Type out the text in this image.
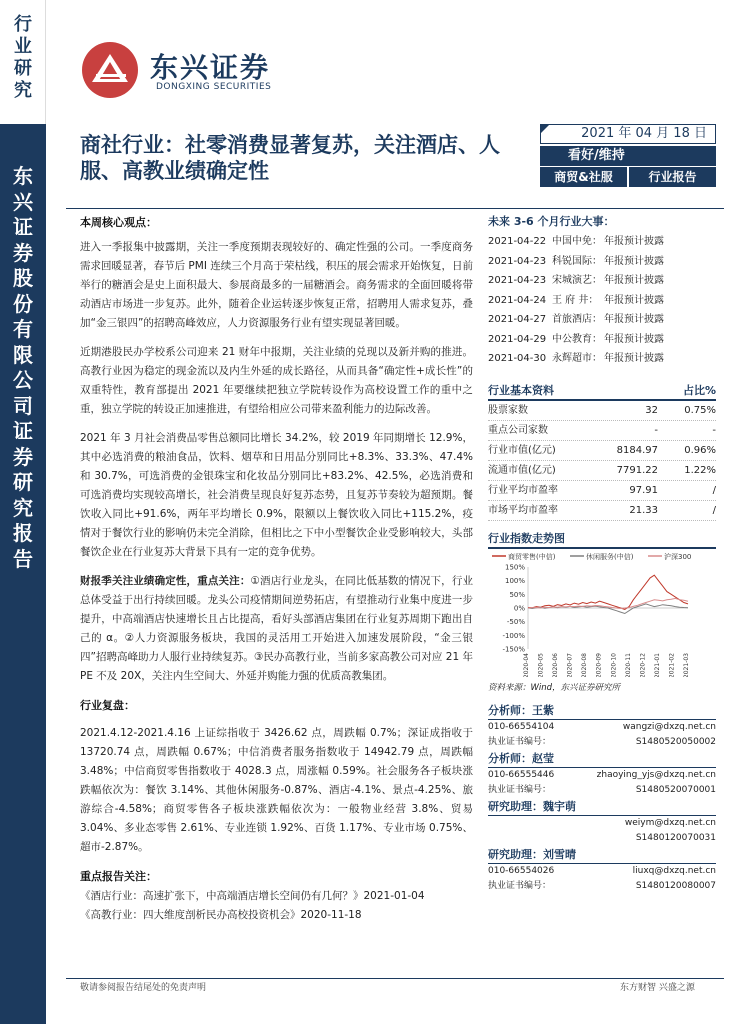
行业研究
东兴证券股份有限公司证券研究报告
东兴证券
DONGXING SECURITIES
商社行业：社零消费显著复苏，关注酒店、人服、高教业绩确定性
2021 年 04 月 18 日
看好/维持
商贸&社服	行业报告
本周核心观点：
进入一季报集中披露期，关注一季度预期表现较好的、确定性强的公司。一季度商务需求回暖显著，春节后 PMI 连续三个月高于荣枯线，积压的展会需求开始恢复，日前举行的糖酒会是史上面积最大、参展商最多的一届糖酒会。商务需求的全面回暖将带动酒店市场进一步复苏。此外，随着企业运转逐步恢复正常，招聘用人需求复苏，叠加“金三银四”的招聘高峰效应，人力资源服务行业有望实现显著回暖。
近期港股民办学校系公司迎来 21 财年中报期，关注业绩的兑现以及新并购的推进。高教行业因为稳定的现金流以及内生外延的成长路径，从而具备“确定性+成长性”的双重特性，教育部提出 2021 年要继续把独立学院转设作为高校设置工作的重中之重，独立学院的转设正加速推进，有望给相应公司带来盈利能力的边际改善。
2021 年 3 月社会消费品零售总额同比增长 34.2%，较 2019 年同期增长 12.9%，其中必选消费的粮油食品，饮料、烟草和日用品分别同比+8.3%、33.3%、47.4% 和 30.7%，可选消费的金银珠宝和化妆品分别同比+83.2%、42.5%，必选消费和可选消费均实现较高增长，社会消费呈现良好复苏态势，且复苏节奏较为超预期。餐饮收入同比+91.6%，两年平均增长 0.9%，限额以上餐饮收入同比+115.2%，疫情对于餐饮行业的影响仍未完全消除，但相比之下中小型餐饮企业受影响较大，头部餐饮企业在行业复苏大背景下具有一定的竞争优势。
财报季关注业绩确定性，重点关注：①酒店行业龙头，在同比低基数的情况下，行业总体受益于出行持续回暖。龙头公司疫情期间逆势拓店，有望推动行业集中度进一步提升，中高端酒店快速增长且占比提高，看好头部酒店集团在行业复苏周期下跑出自己的 α。②人力资源服务板块，我国的灵活用工开始进入加速发展阶段，“金三银四”招聘高峰助力人服行业持续复苏。③民办高教行业，当前多家高教公司对应 21 年 PE 不及 20X，关注内生空间大、外延并购能力强的优质高教集团。
行业复盘：
2021.4.12-2021.4.16 上证综指收于 3426.62 点，周跌幅 0.7%；深证成指收于 13720.74 点，周跌幅 0.67%；中信消费者服务指数收于 14942.79 点，周跌幅 3.48%；中信商贸零售指数收于 4028.3 点，周涨幅 0.59%。社会服务各子板块涨跌幅依次为：餐饮 3.14%、其他休闲服务-0.87%、酒店-4.1%、景点-4.25%、旅游综合-4.58%；商贸零售各子板块涨跌幅依次为：一般物业经营 3.8%、贸易 3.04%、多业态零售 2.61%、专业连锁 1.92%、百货 1.17%、专业市场 0.75%、超市-2.87%。
重点报告关注：
《酒店行业：高速扩张下，中高端酒店增长空间仍有几何？》2021-01-04
《高教行业：四大维度剖析民办高校投资机会》2020-11-18
未来 3-6 个月行业大事：
2021-04-22 中国中免： 年报预计披露
2021-04-23 科锐国际： 年报预计披露
2021-04-23 宋城演艺： 年报预计披露
2021-04-24 王 府 井： 年报预计披露
2021-04-27 首旅酒店： 年报预计披露
2021-04-29 中公教育： 年报预计披露
2021-04-30 永辉超市： 年报预计披露
行业基本资料	占比%
股票家数	32	0.75%
重点公司家数	-	-
行业市值(亿元)	8184.97	0.96%
流通市值(亿元)	7791.22	1.22%
行业平均市盈率	97.91	/
市场平均市盈率	21.33	/
行业指数走势图
商贸零售(中信)	休闲服务(中信)	沪深300
150%
100%
50%
0%
-50%
-100%
-150%
2020-04 2020-05 2020-06 2020-07 2020-08 2020-09 2020-10 2020-11 2020-12 2021-01 2021-02 2021-03
资料来源：Wind，东兴证券研究所
分析师：王紫
010-66554104	wangzi@dxzq.net.cn
执业证书编号：	S1480520050002
分析师：赵莹
010-66555446	zhaoying_yjs@dxzq.net.cn
执业证书编号：	S1480520070001
研究助理：魏宇萌
weiym@dxzq.net.cn
S1480120070031
研究助理：刘雪晴
010-66554026	liuxq@dxzq.net.cn
执业证书编号：	S1480120080007
敬请参阅报告结尾处的免责声明	东方财智 兴盛之源
